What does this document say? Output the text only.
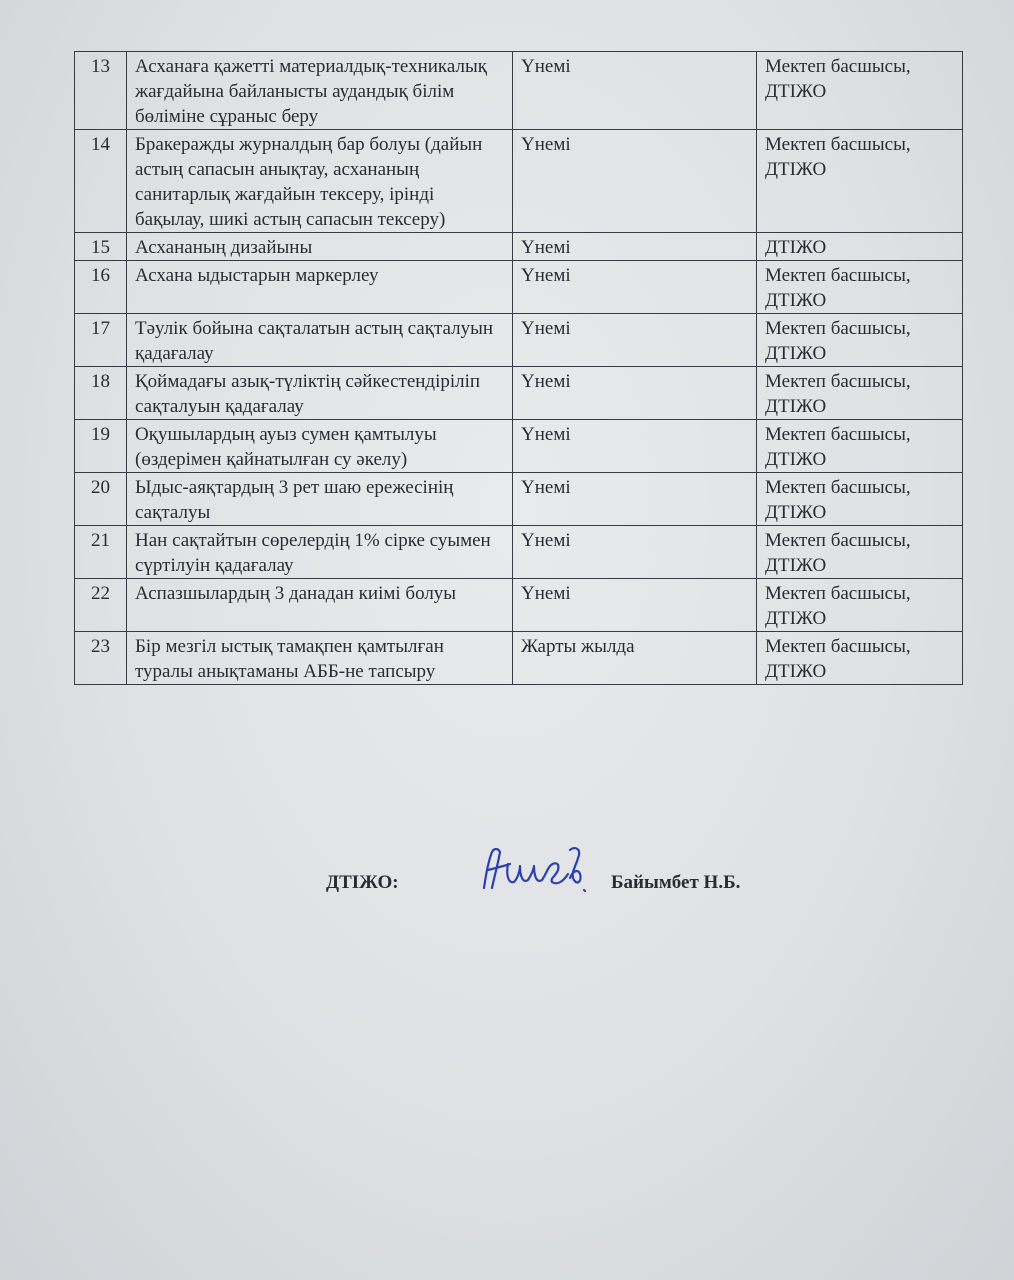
13	Асханаға қажетті материалдық-техникалық жағдайына байланысты аудандық білім бөліміне сұраныс беру	Үнемі	Мектеп басшысы, ДТІЖО
14	Бракеражды журналдың бар болуы (дайын астың сапасын анықтау, асхананың санитарлық жағдайын тексеру, ірінді бақылау, шикі астың сапасын тексеру)	Үнемі	Мектеп басшысы, ДТІЖО
15	Асхананың дизайыны	Үнемі	ДТІЖО
16	Асхана ыдыстарын маркерлеу	Үнемі	Мектеп басшысы, ДТІЖО
17	Тәулік бойына сақталатын астың сақталуын қадағалау	Үнемі	Мектеп басшысы, ДТІЖО
18	Қоймадағы азық-түліктің сәйкестендіріліп сақталуын қадағалау	Үнемі	Мектеп басшысы, ДТІЖО
19	Оқушылардың ауыз сумен қамтылуы (өздерімен қайнатылған су әкелу)	Үнемі	Мектеп басшысы, ДТІЖО
20	Ыдыс-аяқтардың 3 рет шаю ережесінің сақталуы	Үнемі	Мектеп басшысы, ДТІЖО
21	Нан сақтайтын сөрелердің 1% сірке суымен сүртілуін қадағалау	Үнемі	Мектеп басшысы, ДТІЖО
22	Аспазшылардың 3 данадан киімі болуы	Үнемі	Мектеп басшысы, ДТІЖО
23	Бір мезгіл ыстық тамақпен қамтылған туралы анықтаманы АББ-не тапсыру	Жарты жылда	Мектеп басшысы, ДТІЖО
ДТІЖО:	Байымбет Н.Б.
